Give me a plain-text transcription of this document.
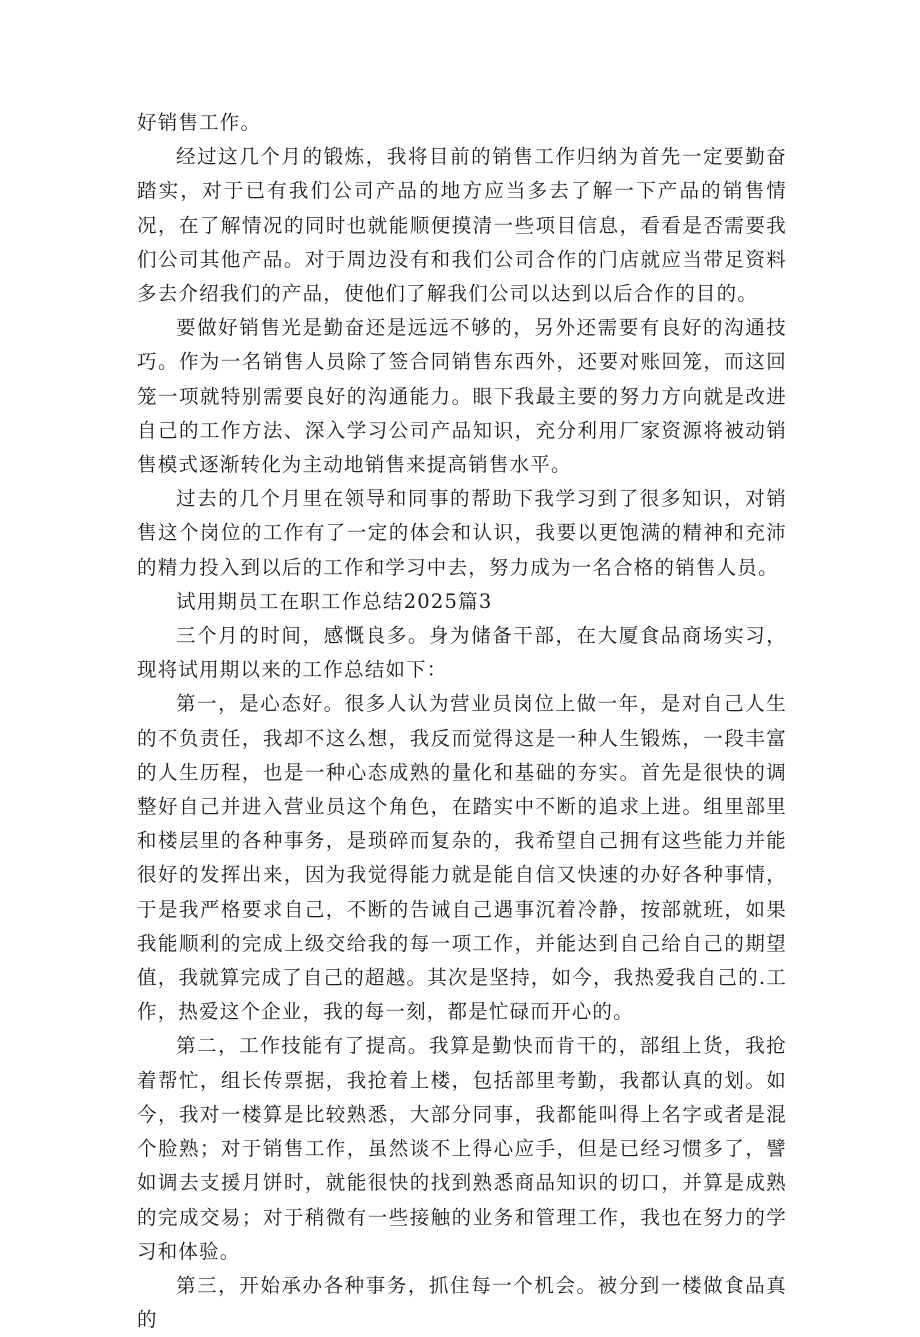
好销售工作。

经过这几个月的锻炼，我将目前的销售工作归纳为首先一定要勤奋踏实，对于已有我们公司产品的地方应当多去了解一下产品的销售情况，在了解情况的同时也就能顺便摸清一些项目信息，看看是否需要我们公司其他产品。对于周边没有和我们公司合作的门店就应当带足资料多去介绍我们的产品，使他们了解我们公司以达到以后合作的目的。

要做好销售光是勤奋还是远远不够的，另外还需要有良好的沟通技巧。作为一名销售人员除了签合同销售东西外，还要对账回笼，而这回笼一项就特别需要良好的沟通能力。眼下我最主要的努力方向就是改进自己的工作方法、深入学习公司产品知识，充分利用厂家资源将被动销售模式逐渐转化为主动地销售来提高销售水平。

过去的几个月里在领导和同事的帮助下我学习到了很多知识，对销售这个岗位的工作有了一定的体会和认识，我要以更饱满的精神和充沛的精力投入到以后的工作和学习中去，努力成为一名合格的销售人员。

试用期员工在职工作总结2025篇3

三个月的时间，感慨良多。身为储备干部，在大厦食品商场实习，现将试用期以来的工作总结如下：

第一，是心态好。很多人认为营业员岗位上做一年，是对自己人生的不负责任，我却不这么想，我反而觉得这是一种人生锻炼，一段丰富的人生历程，也是一种心态成熟的量化和基础的夯实。首先是很快的调整好自己并进入营业员这个角色，在踏实中不断的追求上进。组里部里和楼层里的各种事务，是琐碎而复杂的，我希望自己拥有这些能力并能很好的发挥出来，因为我觉得能力就是能自信又快速的办好各种事情，于是我严格要求自己，不断的告诫自己遇事沉着冷静，按部就班，如果我能顺利的完成上级交给我的每一项工作，并能达到自己给自己的期望值，我就算完成了自己的超越。其次是坚持，如今，我热爱我自己的.工作，热爱这个企业，我的每一刻，都是忙碌而开心的。

第二，工作技能有了提高。我算是勤快而肯干的，部组上货，我抢着帮忙，组长传票据，我抢着上楼，包括部里考勤，我都认真的划。如今，我对一楼算是比较熟悉，大部分同事，我都能叫得上名字或者是混个脸熟；对于销售工作，虽然谈不上得心应手，但是已经习惯多了，譬如调去支援月饼时，就能很快的找到熟悉商品知识的切口，并算是成熟的完成交易；对于稍微有一些接触的业务和管理工作，我也在努力的学习和体验。

第三，开始承办各种事务，抓住每一个机会。被分到一楼做食品真的
